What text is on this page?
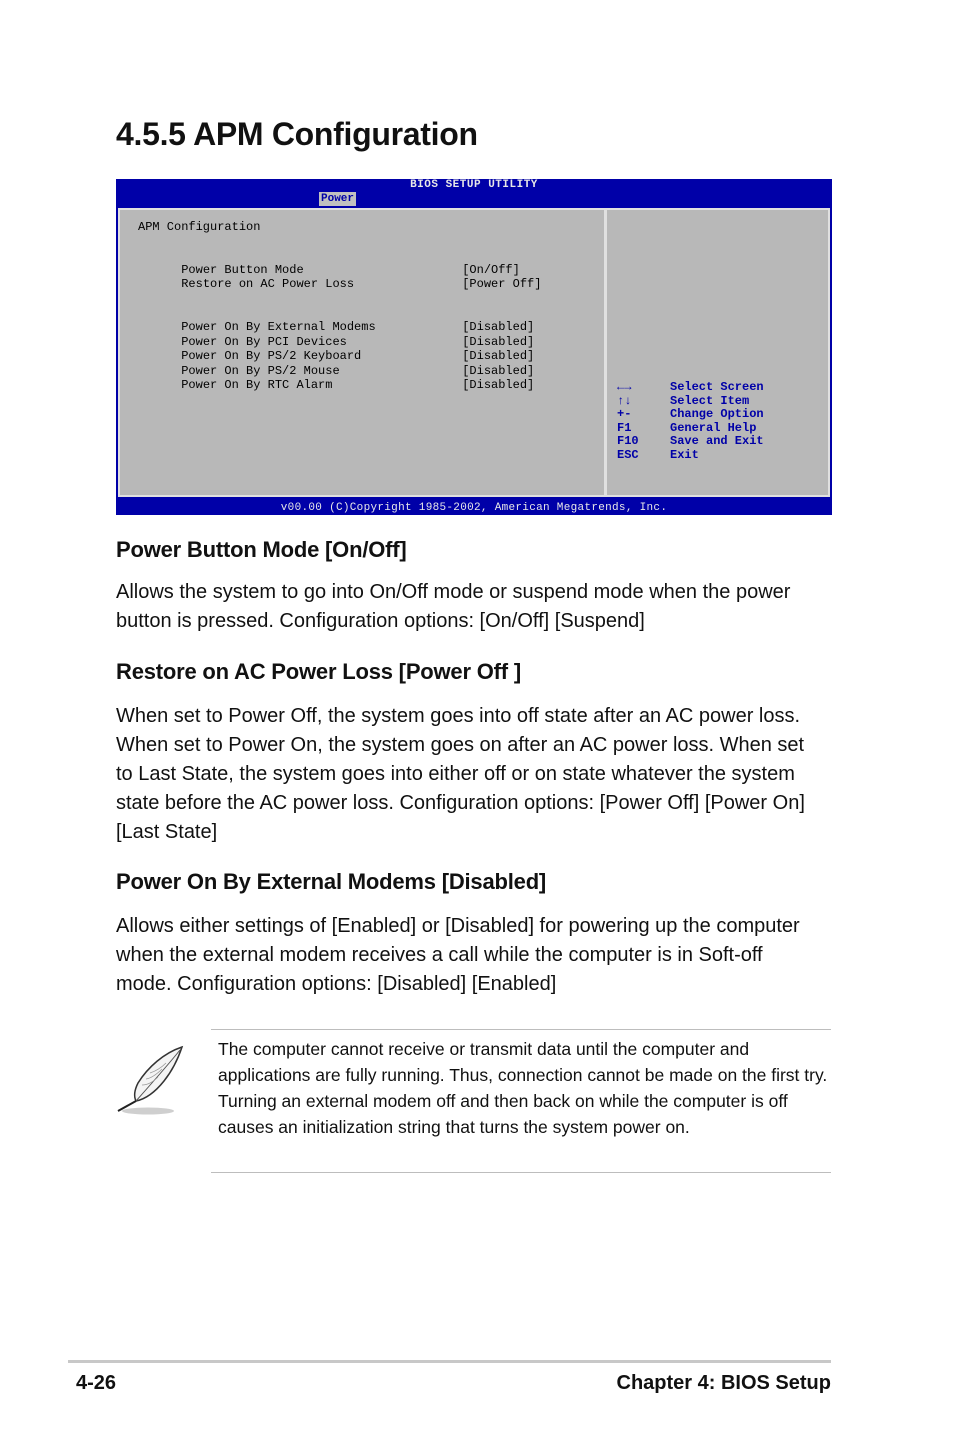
4.5.5 APM Configuration
BIOS SETUP UTILITY
Power
APM Configuration

Power Button Mode	[On/Off]

Restore on AC Power Loss	[Power Off]

Power On By External Modems	[Disabled]

Power On By PCI Devices	[Disabled]

Power On By PS/2 Keyboard	[Disabled]

Power On By PS/2 Mouse	[Disabled]

Power On By RTC Alarm	[Disabled]
	←→	Select Screen
↑↓	Select Item
+-	Change Option
F1	General Help
F10	Save and Exit
ESC	Exit
v00.00 (C)Copyright 1985-2002, American Megatrends, Inc.
Power Button Mode [On/Off]
Allows the system to go into On/Off mode or suspend mode when the power button is pressed. Configuration options: [On/Off] [Suspend]
Restore on AC Power Loss [Power Off ]
When set to Power Off, the system goes into off state after an AC power loss. When set to Power On, the system goes on after an AC power loss. When set to Last State, the system goes into either off or on state whatever the system state before the AC power loss. Configuration options: [Power Off] [Power On] [Last State]
Power On By External Modems [Disabled]
Allows either settings of [Enabled] or [Disabled] for powering up the computer when the external modem receives a call while the computer is in Soft-off mode. Configuration options: [Disabled] [Enabled]
The computer cannot receive or transmit data until the computer and applications are fully running. Thus, connection cannot be made on the first try. Turning an external modem off and then back on while the computer is off causes an initialization string that turns the system power on.
4-26	Chapter 4: BIOS Setup
